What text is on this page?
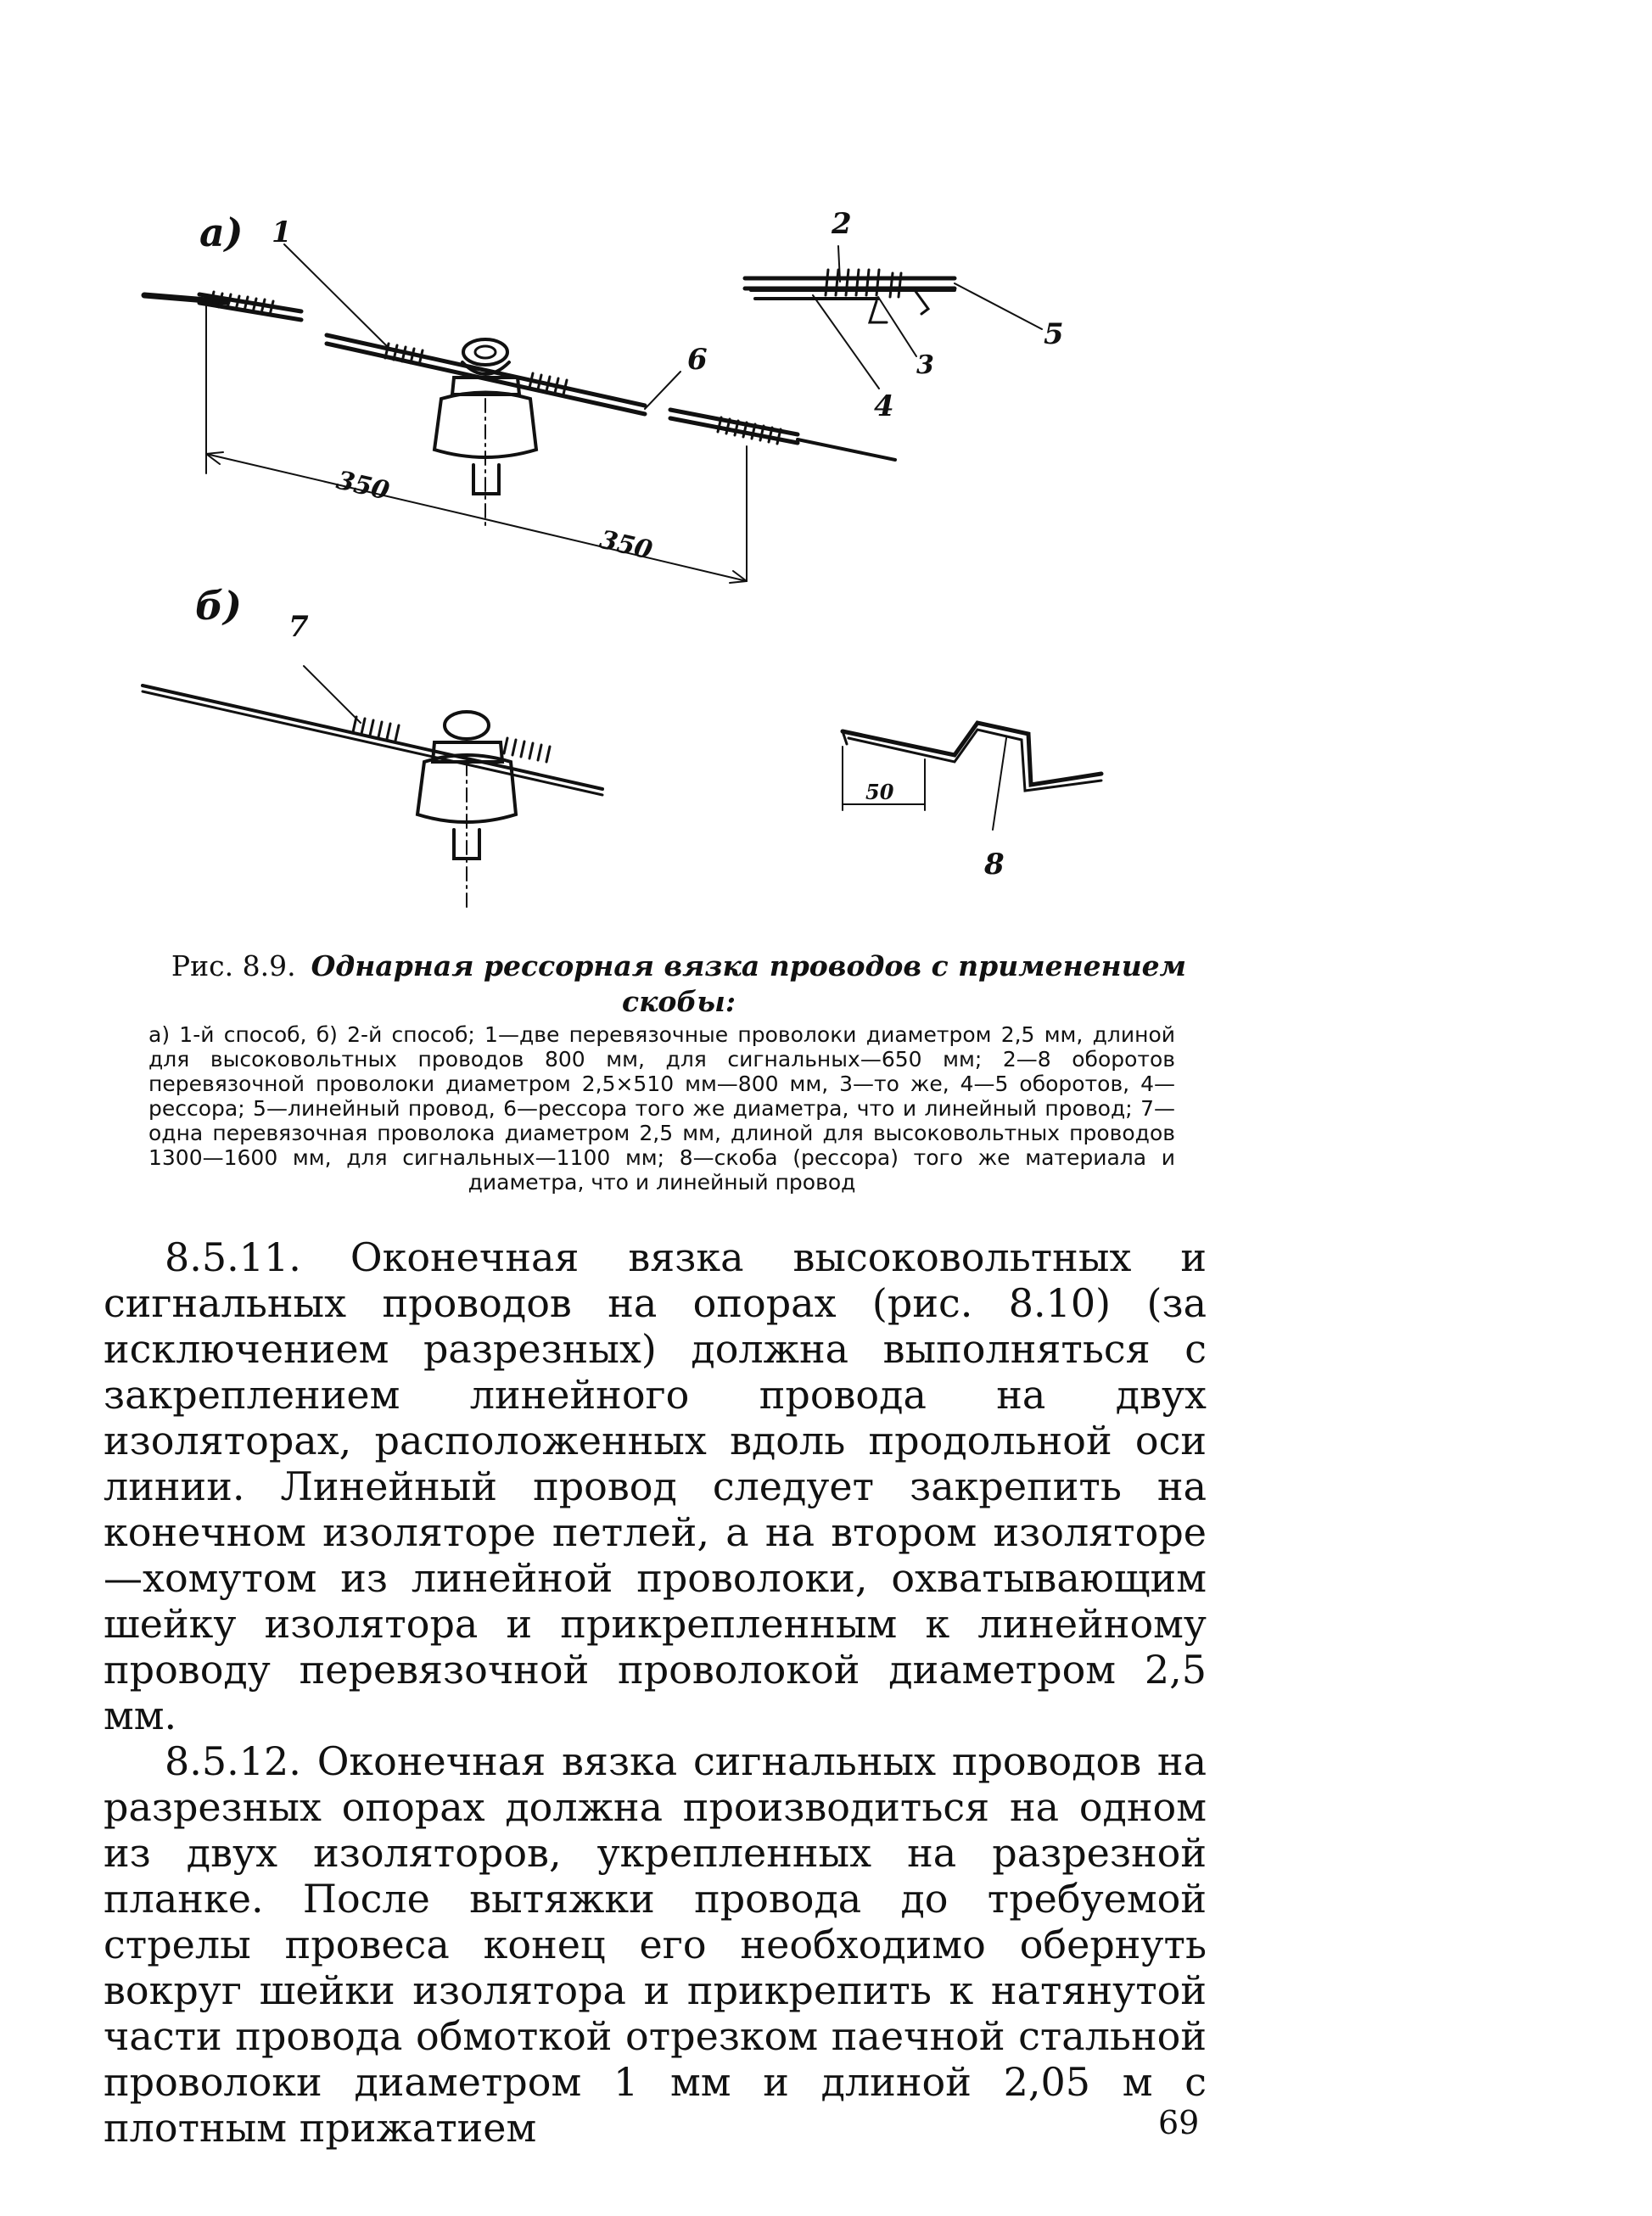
а) 1	2
3
4
5
6
350
350
б) 7
50
8
Рис. 8.9. Однарная рессорная вязка проводов с применением скобы:
а) 1-й способ, б) 2-й способ; 1—две перевязочные проволоки диаметром 2,5 мм, длиной для высоковольтных проводов 800 мм, для сигнальных—650 мм; 2—8 оборотов перевязочной проволоки диаметром 2,5×510 мм—800 мм, 3—то же, 4—5 оборотов, 4—рессора; 5—линейный провод, 6—рессора того же диаметра, что и линейный провод; 7—одна перевязочная проволока диаметром 2,5 мм, длиной для высоковольтных проводов 1300—1600 мм, для сигнальных—1100 мм; 8—скоба (рессора) того же материала и диаметра, что и линейный провод

8.5.11. Оконечная вязка высоковольтных и сигнальных проводов на опорах (рис. 8.10) (за исключением разрезных) должна выполняться с закреплением линейного провода на двух изоляторах, расположенных вдоль продольной оси линии. Линейный провод следует закрепить на конечном изоляторе петлей, а на втором изоляторе—хомутом из линейной проволоки, охватывающим шейку изолятора и прикрепленным к линейному проводу перевязочной проволокой диаметром 2,5 мм.

8.5.12. Оконечная вязка сигнальных проводов на разрезных опорах должна производиться на одном из двух изоляторов, укрепленных на разрезной планке. После вытяжки провода до требуемой стрелы провеса конец его необходимо обернуть вокруг шейки изолятора и прикрепить к натянутой части провода обмоткой отрезком паечной стальной проволоки диаметром 1 мм и длиной 2,05 м с плотным прижатием	69
